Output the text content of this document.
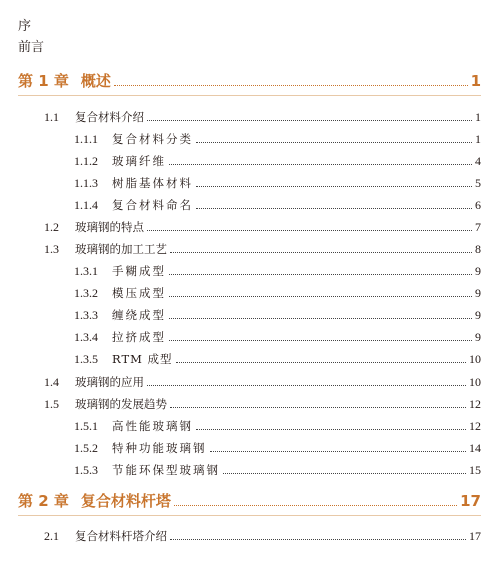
序
前言
第 1 章 概述	1
1.1	复合材料介绍	1
1.1.1	复合材料分类	1
1.1.2	玻璃纤维	4
1.1.3	树脂基体材料	5
1.1.4	复合材料命名	6
1.2	玻璃钢的特点	7
1.3	玻璃钢的加工工艺	8
1.3.1	手糊成型	9
1.3.2	模压成型	9
1.3.3	缠绕成型	9
1.3.4	拉挤成型	9
1.3.5	RTM 成型	10
1.4	玻璃钢的应用	10
1.5	玻璃钢的发展趋势	12
1.5.1	高性能玻璃钢	12
1.5.2	特种功能玻璃钢	14
1.5.3	节能环保型玻璃钢	15
第 2 章 复合材料杆塔	17
2.1	复合材料杆塔介绍	17
